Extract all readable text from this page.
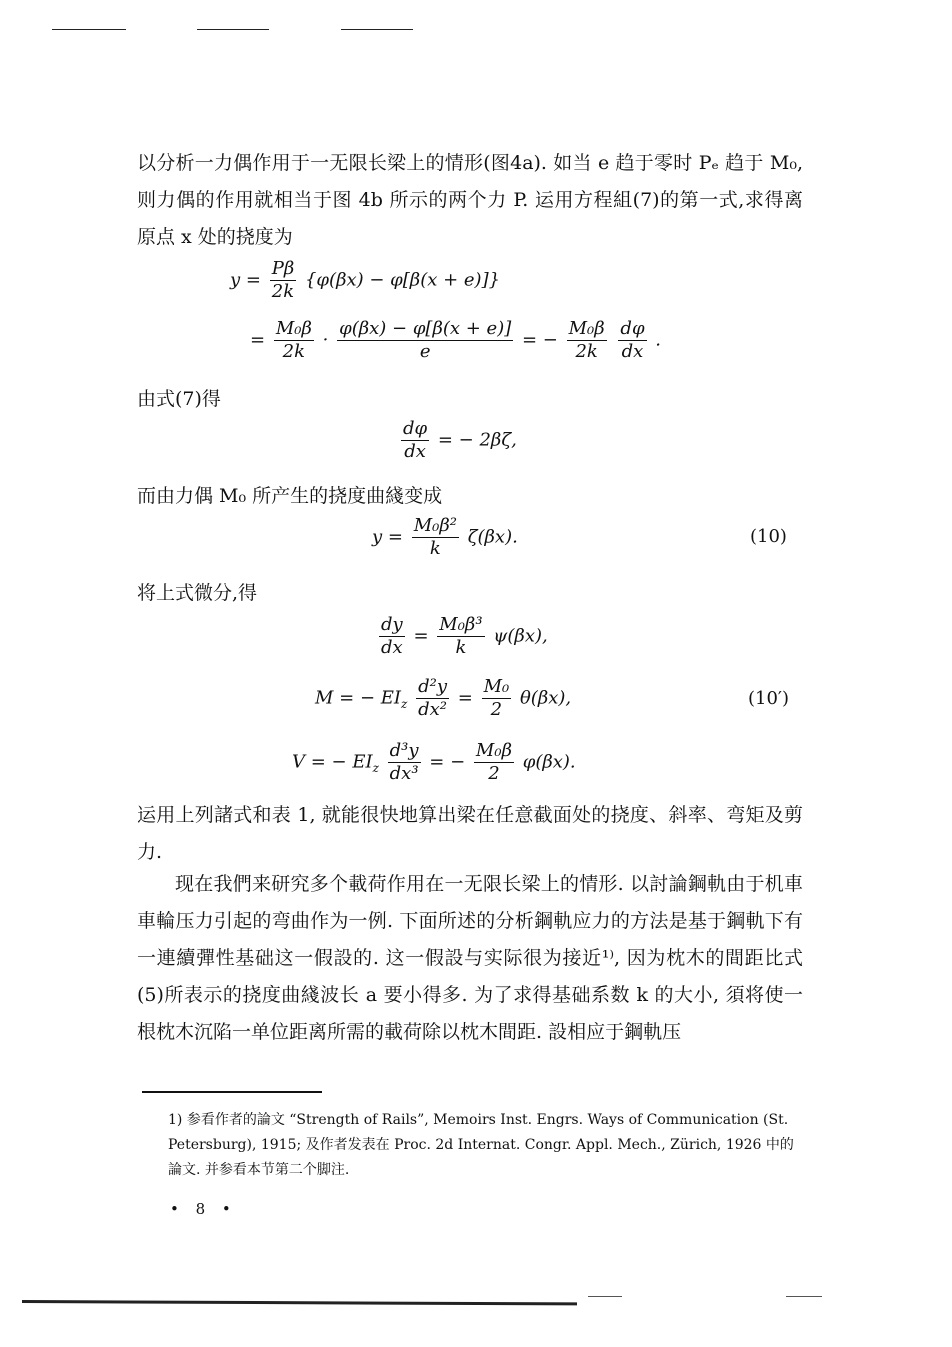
以分析一力偶作用于一无限长梁上的情形(图4a). 如当 e 趋于零时 Pₑ 趋于 M₀, 则力偶的作用就相当于图 4b 所示的两个力 P. 运用方程組(7)的第一式,求得离原点 x 处的挠度为
$y = \frac{P\beta}{2k} \{\varphi(\beta x) - \varphi[\beta(x + e)]\}$
= $\frac{\text{M₀β}}{2k} \cdot \frac{\varphi(\beta x) - \varphi[\beta(x + e)]}{e}$ = − $\frac{\text{M₀β}}{2k}$
$\frac{d\varphi}{dx}$ .
由式(7)得
$\frac{d\varphi}{dx}$ = − 2βζ,
而由力偶 M₀ 所产生的挠度曲綫变成
$y = \frac{\text{M₀β²}}{k} \zeta(\beta x)$.	(10)
将上式微分,得
$\frac{dy}{dx} = \frac{\text{M₀β³}}{k} \psi(\beta x)$,
M = − $EI_z \frac{\text{d²y}}{\text{dx²}} = \frac{\text{M₀}}{2} \theta(\beta x)$,	(10′)
V = − $EI_z \frac{\text{d³y}}{\text{dx³}}$ = − $\frac{\text{M₀β}}{2} \varphi(\beta x)$.
运用上列諸式和表 1, 就能很快地算出梁在任意截面处的挠度、斜率、弯矩及剪力.
现在我們来研究多个載荷作用在一无限长梁上的情形. 以討論鋼軌由于机車車輪压力引起的弯曲作为一例. 下面所述的分析鋼軌应力的方法是基于鋼軌下有一連續彈性基础这一假設的. 这一假設与实际很为接近¹⁾, 因为枕木的間距比式(5)所表示的挠度曲綫波长 a 要小得多. 为了求得基础系数 k 的大小, 須将使一根枕木沉陷一单位距离所需的載荷除以枕木間距. 設相应于鋼軌压
1) 参看作者的論文 “Strength of Rails”, Memoirs Inst. Engrs. Ways of Communication (St. Petersburg), 1915; 及作者发表在 Proc. 2d Internat. Congr. Appl. Mech., Zürich, 1926 中的論文. 并参看本节第二个脚注.
• 8 •
